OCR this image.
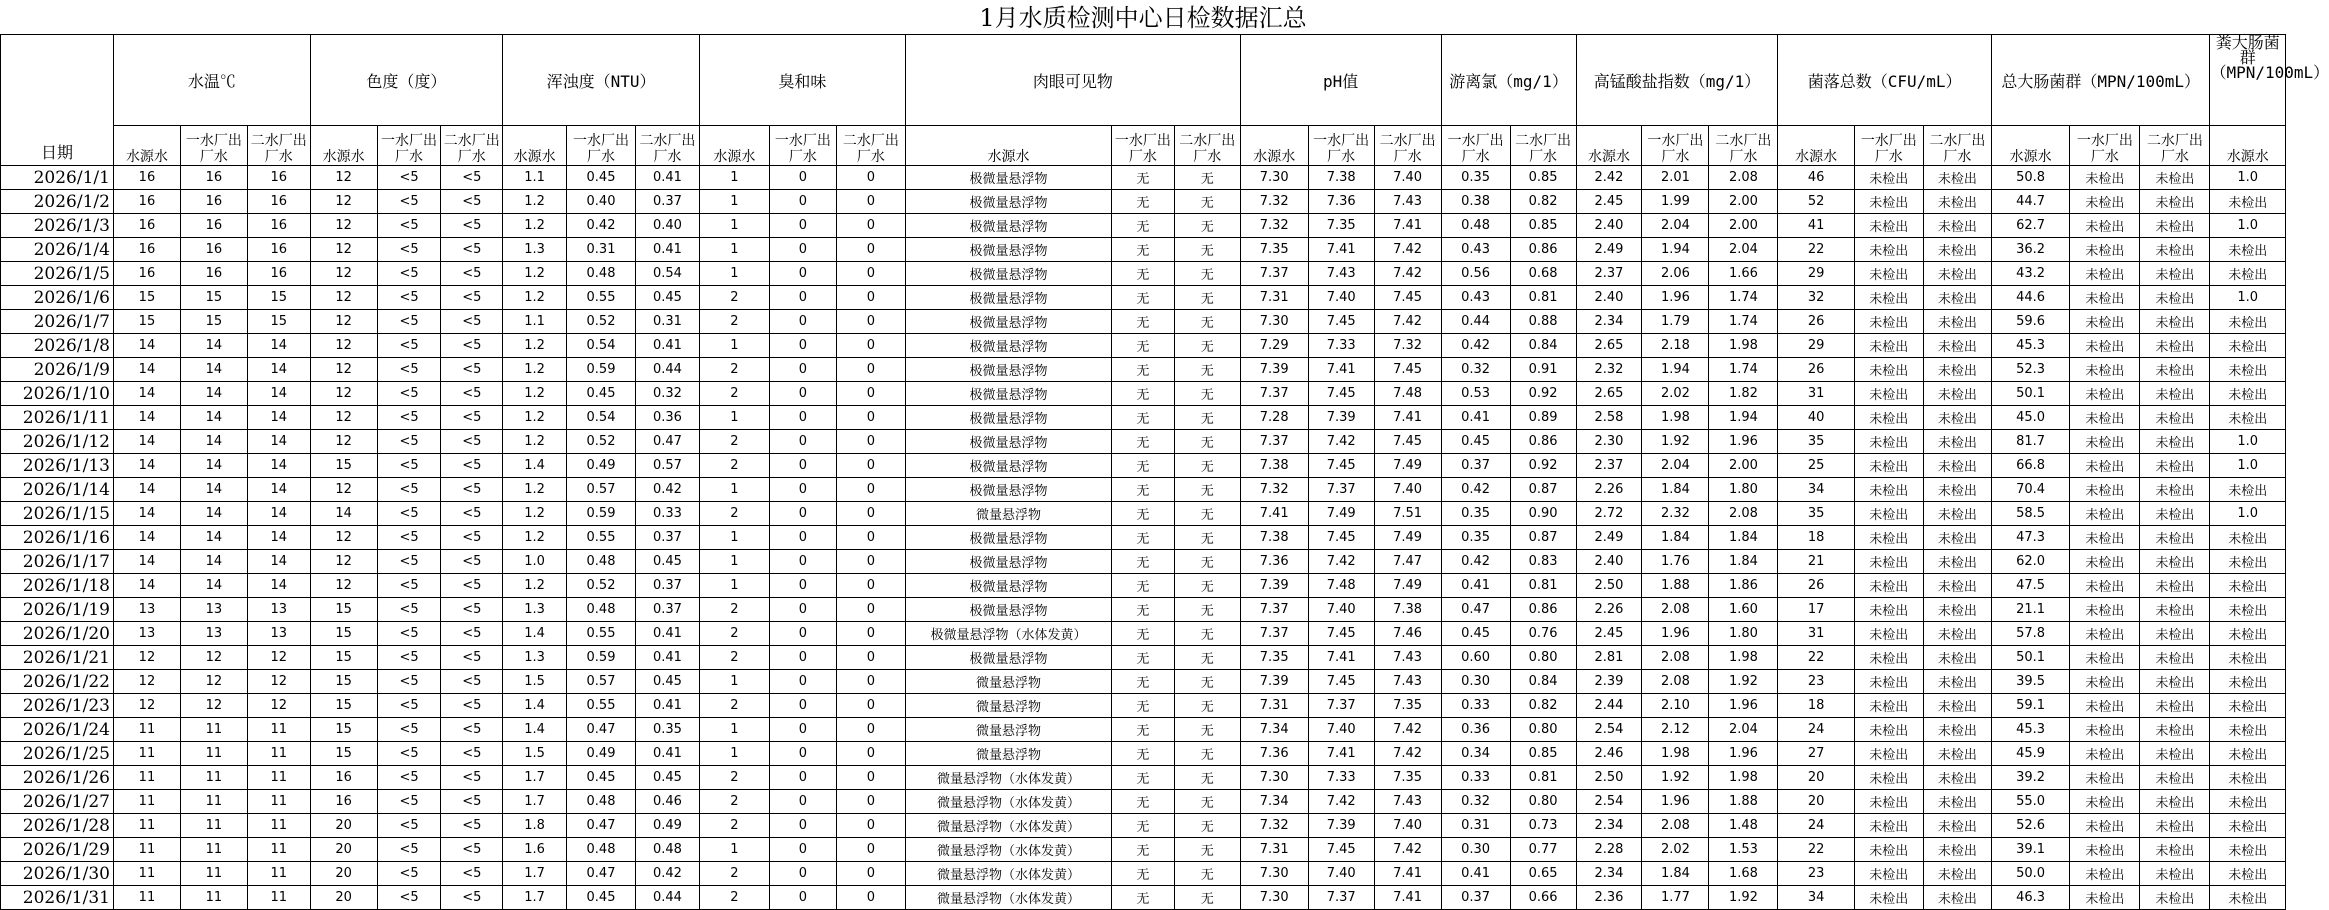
1月水质检测中心日检数据汇总
日期	水温℃			色度（度）			浑浊度（NTU）			臭和味			肉眼可见物			pH值			游离氯（mg/1）		高锰酸盐指数（mg/1）			菌落总数（CFU/mL）			总大肠菌群（MPN/100mL）			粪大肠菌群（MPN/100mL）
	水源水	一水厂出厂水	二水厂出厂水	水源水	一水厂出厂水	二水厂出厂水	水源水	一水厂出厂水	二水厂出厂水	水源水	一水厂出厂水	二水厂出厂水	水源水	一水厂出厂水	二水厂出厂水	水源水	一水厂出厂水	二水厂出厂水	一水厂出厂水	二水厂出厂水	水源水	一水厂出厂水	二水厂出厂水	水源水	一水厂出厂水	二水厂出厂水	水源水	一水厂出厂水	二水厂出厂水	水源水
2026/1/1	16	16	16	12	<5	<5	1.1	0.45	0.41	1	0	0	极微量悬浮物	无	无	7.30	7.38	7.40	0.35	0.85	2.42	2.01	2.08	46	未检出	未检出	50.8	未检出	未检出	1.0
2026/1/2	16	16	16	12	<5	<5	1.2	0.40	0.37	1	0	0	极微量悬浮物	无	无	7.32	7.36	7.43	0.38	0.82	2.45	1.99	2.00	52	未检出	未检出	44.7	未检出	未检出	未检出
2026/1/3	16	16	16	12	<5	<5	1.2	0.42	0.40	1	0	0	极微量悬浮物	无	无	7.32	7.35	7.41	0.48	0.85	2.40	2.04	2.00	41	未检出	未检出	62.7	未检出	未检出	1.0
2026/1/4	16	16	16	12	<5	<5	1.3	0.31	0.41	1	0	0	极微量悬浮物	无	无	7.35	7.41	7.42	0.43	0.86	2.49	1.94	2.04	22	未检出	未检出	36.2	未检出	未检出	未检出
2026/1/5	16	16	16	12	<5	<5	1.2	0.48	0.54	1	0	0	极微量悬浮物	无	无	7.37	7.43	7.42	0.56	0.68	2.37	2.06	1.66	29	未检出	未检出	43.2	未检出	未检出	未检出
2026/1/6	15	15	15	12	<5	<5	1.2	0.55	0.45	2	0	0	极微量悬浮物	无	无	7.31	7.40	7.45	0.43	0.81	2.40	1.96	1.74	32	未检出	未检出	44.6	未检出	未检出	1.0
2026/1/7	15	15	15	12	<5	<5	1.1	0.52	0.31	2	0	0	极微量悬浮物	无	无	7.30	7.45	7.42	0.44	0.88	2.34	1.79	1.74	26	未检出	未检出	59.6	未检出	未检出	未检出
2026/1/8	14	14	14	12	<5	<5	1.2	0.54	0.41	1	0	0	极微量悬浮物	无	无	7.29	7.33	7.32	0.42	0.84	2.65	2.18	1.98	29	未检出	未检出	45.3	未检出	未检出	未检出
2026/1/9	14	14	14	12	<5	<5	1.2	0.59	0.44	2	0	0	极微量悬浮物	无	无	7.39	7.41	7.45	0.32	0.91	2.32	1.94	1.74	26	未检出	未检出	52.3	未检出	未检出	未检出
2026/1/10	14	14	14	12	<5	<5	1.2	0.45	0.32	2	0	0	极微量悬浮物	无	无	7.37	7.45	7.48	0.53	0.92	2.65	2.02	1.82	31	未检出	未检出	50.1	未检出	未检出	未检出
2026/1/11	14	14	14	12	<5	<5	1.2	0.54	0.36	1	0	0	极微量悬浮物	无	无	7.28	7.39	7.41	0.41	0.89	2.58	1.98	1.94	40	未检出	未检出	45.0	未检出	未检出	未检出
2026/1/12	14	14	14	12	<5	<5	1.2	0.52	0.47	2	0	0	极微量悬浮物	无	无	7.37	7.42	7.45	0.45	0.86	2.30	1.92	1.96	35	未检出	未检出	81.7	未检出	未检出	1.0
2026/1/13	14	14	14	15	<5	<5	1.4	0.49	0.57	2	0	0	极微量悬浮物	无	无	7.38	7.45	7.49	0.37	0.92	2.37	2.04	2.00	25	未检出	未检出	66.8	未检出	未检出	1.0
2026/1/14	14	14	14	12	<5	<5	1.2	0.57	0.42	1	0	0	极微量悬浮物	无	无	7.32	7.37	7.40	0.42	0.87	2.26	1.84	1.80	34	未检出	未检出	70.4	未检出	未检出	未检出
2026/1/15	14	14	14	14	<5	<5	1.2	0.59	0.33	2	0	0	微量悬浮物	无	无	7.41	7.49	7.51	0.35	0.90	2.72	2.32	2.08	35	未检出	未检出	58.5	未检出	未检出	1.0
2026/1/16	14	14	14	12	<5	<5	1.2	0.55	0.37	1	0	0	极微量悬浮物	无	无	7.38	7.45	7.49	0.35	0.87	2.49	1.84	1.84	18	未检出	未检出	47.3	未检出	未检出	未检出
2026/1/17	14	14	14	12	<5	<5	1.0	0.48	0.45	1	0	0	极微量悬浮物	无	无	7.36	7.42	7.47	0.42	0.83	2.40	1.76	1.84	21	未检出	未检出	62.0	未检出	未检出	未检出
2026/1/18	14	14	14	12	<5	<5	1.2	0.52	0.37	1	0	0	极微量悬浮物	无	无	7.39	7.48	7.49	0.41	0.81	2.50	1.88	1.86	26	未检出	未检出	47.5	未检出	未检出	未检出
2026/1/19	13	13	13	15	<5	<5	1.3	0.48	0.37	2	0	0	极微量悬浮物	无	无	7.37	7.40	7.38	0.47	0.86	2.26	2.08	1.60	17	未检出	未检出	21.1	未检出	未检出	未检出
2026/1/20	13	13	13	15	<5	<5	1.4	0.55	0.41	2	0	0	极微量悬浮物（水体发黄）	无	无	7.37	7.45	7.46	0.45	0.76	2.45	1.96	1.80	31	未检出	未检出	57.8	未检出	未检出	未检出
2026/1/21	12	12	12	15	<5	<5	1.3	0.59	0.41	2	0	0	极微量悬浮物	无	无	7.35	7.41	7.43	0.60	0.80	2.81	2.08	1.98	22	未检出	未检出	50.1	未检出	未检出	未检出
2026/1/22	12	12	12	15	<5	<5	1.5	0.57	0.45	1	0	0	微量悬浮物	无	无	7.39	7.45	7.43	0.30	0.84	2.39	2.08	1.92	23	未检出	未检出	39.5	未检出	未检出	未检出
2026/1/23	12	12	12	15	<5	<5	1.4	0.55	0.41	2	0	0	微量悬浮物	无	无	7.31	7.37	7.35	0.33	0.82	2.44	2.10	1.96	18	未检出	未检出	59.1	未检出	未检出	未检出
2026/1/24	11	11	11	15	<5	<5	1.4	0.47	0.35	1	0	0	微量悬浮物	无	无	7.34	7.40	7.42	0.36	0.80	2.54	2.12	2.04	24	未检出	未检出	45.3	未检出	未检出	未检出
2026/1/25	11	11	11	15	<5	<5	1.5	0.49	0.41	1	0	0	微量悬浮物	无	无	7.36	7.41	7.42	0.34	0.85	2.46	1.98	1.96	27	未检出	未检出	45.9	未检出	未检出	未检出
2026/1/26	11	11	11	16	<5	<5	1.7	0.45	0.45	2	0	0	微量悬浮物（水体发黄）	无	无	7.30	7.33	7.35	0.33	0.81	2.50	1.92	1.98	20	未检出	未检出	39.2	未检出	未检出	未检出
2026/1/27	11	11	11	16	<5	<5	1.7	0.48	0.46	2	0	0	微量悬浮物（水体发黄）	无	无	7.34	7.42	7.43	0.32	0.80	2.54	1.96	1.88	20	未检出	未检出	55.0	未检出	未检出	未检出
2026/1/28	11	11	11	20	<5	<5	1.8	0.47	0.49	2	0	0	微量悬浮物（水体发黄）	无	无	7.32	7.39	7.40	0.31	0.73	2.34	2.08	1.48	24	未检出	未检出	52.6	未检出	未检出	未检出
2026/1/29	11	11	11	20	<5	<5	1.6	0.48	0.48	1	0	0	微量悬浮物（水体发黄）	无	无	7.31	7.45	7.42	0.30	0.77	2.28	2.02	1.53	22	未检出	未检出	39.1	未检出	未检出	未检出
2026/1/30	11	11	11	20	<5	<5	1.7	0.47	0.42	2	0	0	微量悬浮物（水体发黄）	无	无	7.30	7.40	7.41	0.41	0.65	2.34	1.84	1.68	23	未检出	未检出	50.0	未检出	未检出	未检出
2026/1/31	11	11	11	20	<5	<5	1.7	0.45	0.44	2	0	0	微量悬浮物（水体发黄）	无	无	7.30	7.37	7.41	0.37	0.66	2.36	1.77	1.92	34	未检出	未检出	46.3	未检出	未检出	未检出
